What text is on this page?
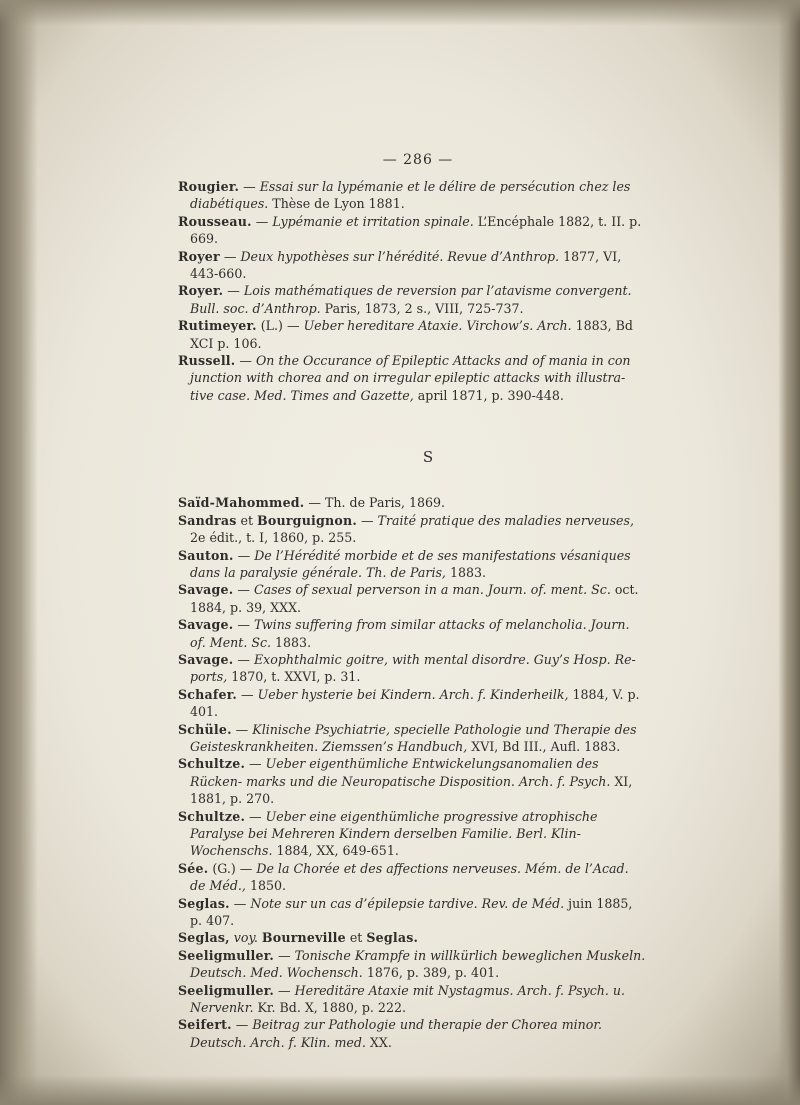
— 286 —

Rougier. — Essai sur la lypémanie et le délire de persécution chez les diabétiques. Thèse de Lyon 1881.

Rousseau. — Lypémanie et irritation spinale. L’Encéphale 1882, t. II. p. 669.

Royer — Deux hypothèses sur l’hérédité. Revue d’Anthrop. 1877, VI, 443-660.

Royer. — Lois mathématiques de reversion par l’atavisme convergent. Bull. soc. d’Anthrop. Paris, 1873, 2 s., VIII, 725-737.

Rutimeyer. (L.) — Ueber hereditare Ataxie. Virchow’s. Arch. 1883, Bd XCI p. 106.

Russell. — On the Occurance of Epileptic Attacks and of mania in con junction with chorea and on irregular epileptic attacks with illustra- tive case. Med. Times and Gazette, april 1871, p. 390-448.

S

Saïd-Mahommed. — Th. de Paris, 1869.

Sandras et Bourguignon. — Traité pratique des maladies nerveuses, 2e édit., t. I, 1860, p. 255.

Sauton. — De l’Hérédité morbide et de ses manifestations vésaniques dans la paralysie générale. Th. de Paris, 1883.

Savage. — Cases of sexual perverson in a man. Journ. of. ment. Sc. oct. 1884, p. 39, XXX.

Savage. — Twins suffering from similar attacks of melancholia. Journ. of. Ment. Sc. 1883.

Savage. — Exophthalmic goitre, with mental disordre. Guy’s Hosp. Re- ports, 1870, t. XXVI, p. 31.

Schafer. — Ueber hysterie bei Kindern. Arch. f. Kinderheilk, 1884, V. p. 401.

Schüle. — Klinische Psychiatrie, specielle Pathologie und Therapie des Geisteskrankheiten. Ziemssen’s Handbuch, XVI, Bd III., Aufl. 1883.

Schultze. — Ueber eigenthümliche Entwickelungsanomalien des Rücken- marks und die Neuropatische Disposition. Arch. f. Psych. XI, 1881, p. 270.

Schultze. — Ueber eine eigenthümliche progressive atrophische Paralyse bei Mehreren Kindern derselben Familie. Berl. Klin- Wochenschs. 1884, XX, 649-651.

Sée. (G.) — De la Chorée et des affections nerveuses. Mém. de l’Acad. de Méd., 1850.

Seglas. — Note sur un cas d’épilepsie tardive. Rev. de Méd. juin 1885, p. 407.

Seglas, voy. Bourneville et Seglas.

Seeligmuller. — Tonische Krampfe in willkürlich beweglichen Muskeln. Deutsch. Med. Wochensch. 1876, p. 389, p. 401.

Seeligmuller. — Hereditäre Ataxie mit Nystagmus. Arch. f. Psych. u. Nervenkr. Kr. Bd. X, 1880, p. 222.

Seifert. — Beitrag zur Pathologie und therapie der Chorea minor. Deutsch. Arch. f. Klin. med. XX.
